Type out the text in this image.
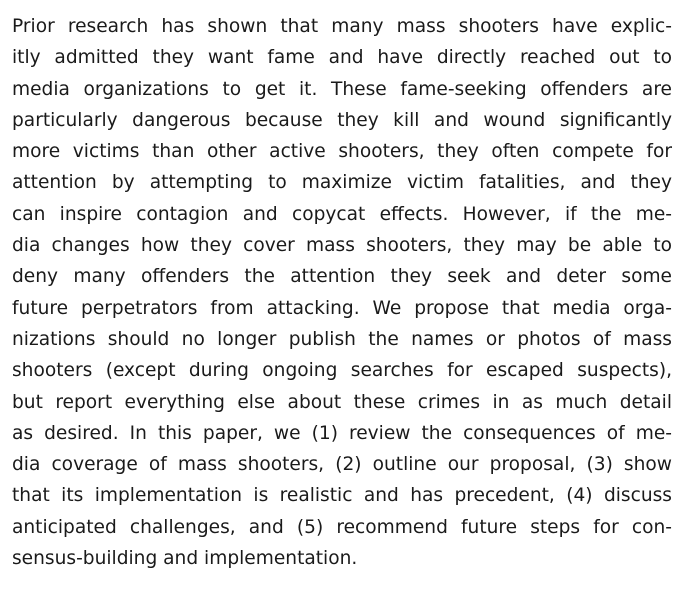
Prior research has shown that many mass shooters have explic-
itly admitted they want fame and have directly reached out to
media organizations to get it. These fame-seeking offenders are
particularly dangerous because they kill and wound significantly
more victims than other active shooters, they often compete for
attention by attempting to maximize victim fatalities, and they
can inspire contagion and copycat effects. However, if the me-
dia changes how they cover mass shooters, they may be able to
deny many offenders the attention they seek and deter some
future perpetrators from attacking. We propose that media orga-
nizations should no longer publish the names or photos of mass
shooters (except during ongoing searches for escaped suspects),
but report everything else about these crimes in as much detail
as desired. In this paper, we (1) review the consequences of me-
dia coverage of mass shooters, (2) outline our proposal, (3) show
that its implementation is realistic and has precedent, (4) discuss
anticipated challenges, and (5) recommend future steps for con-
sensus-building and implementation.
